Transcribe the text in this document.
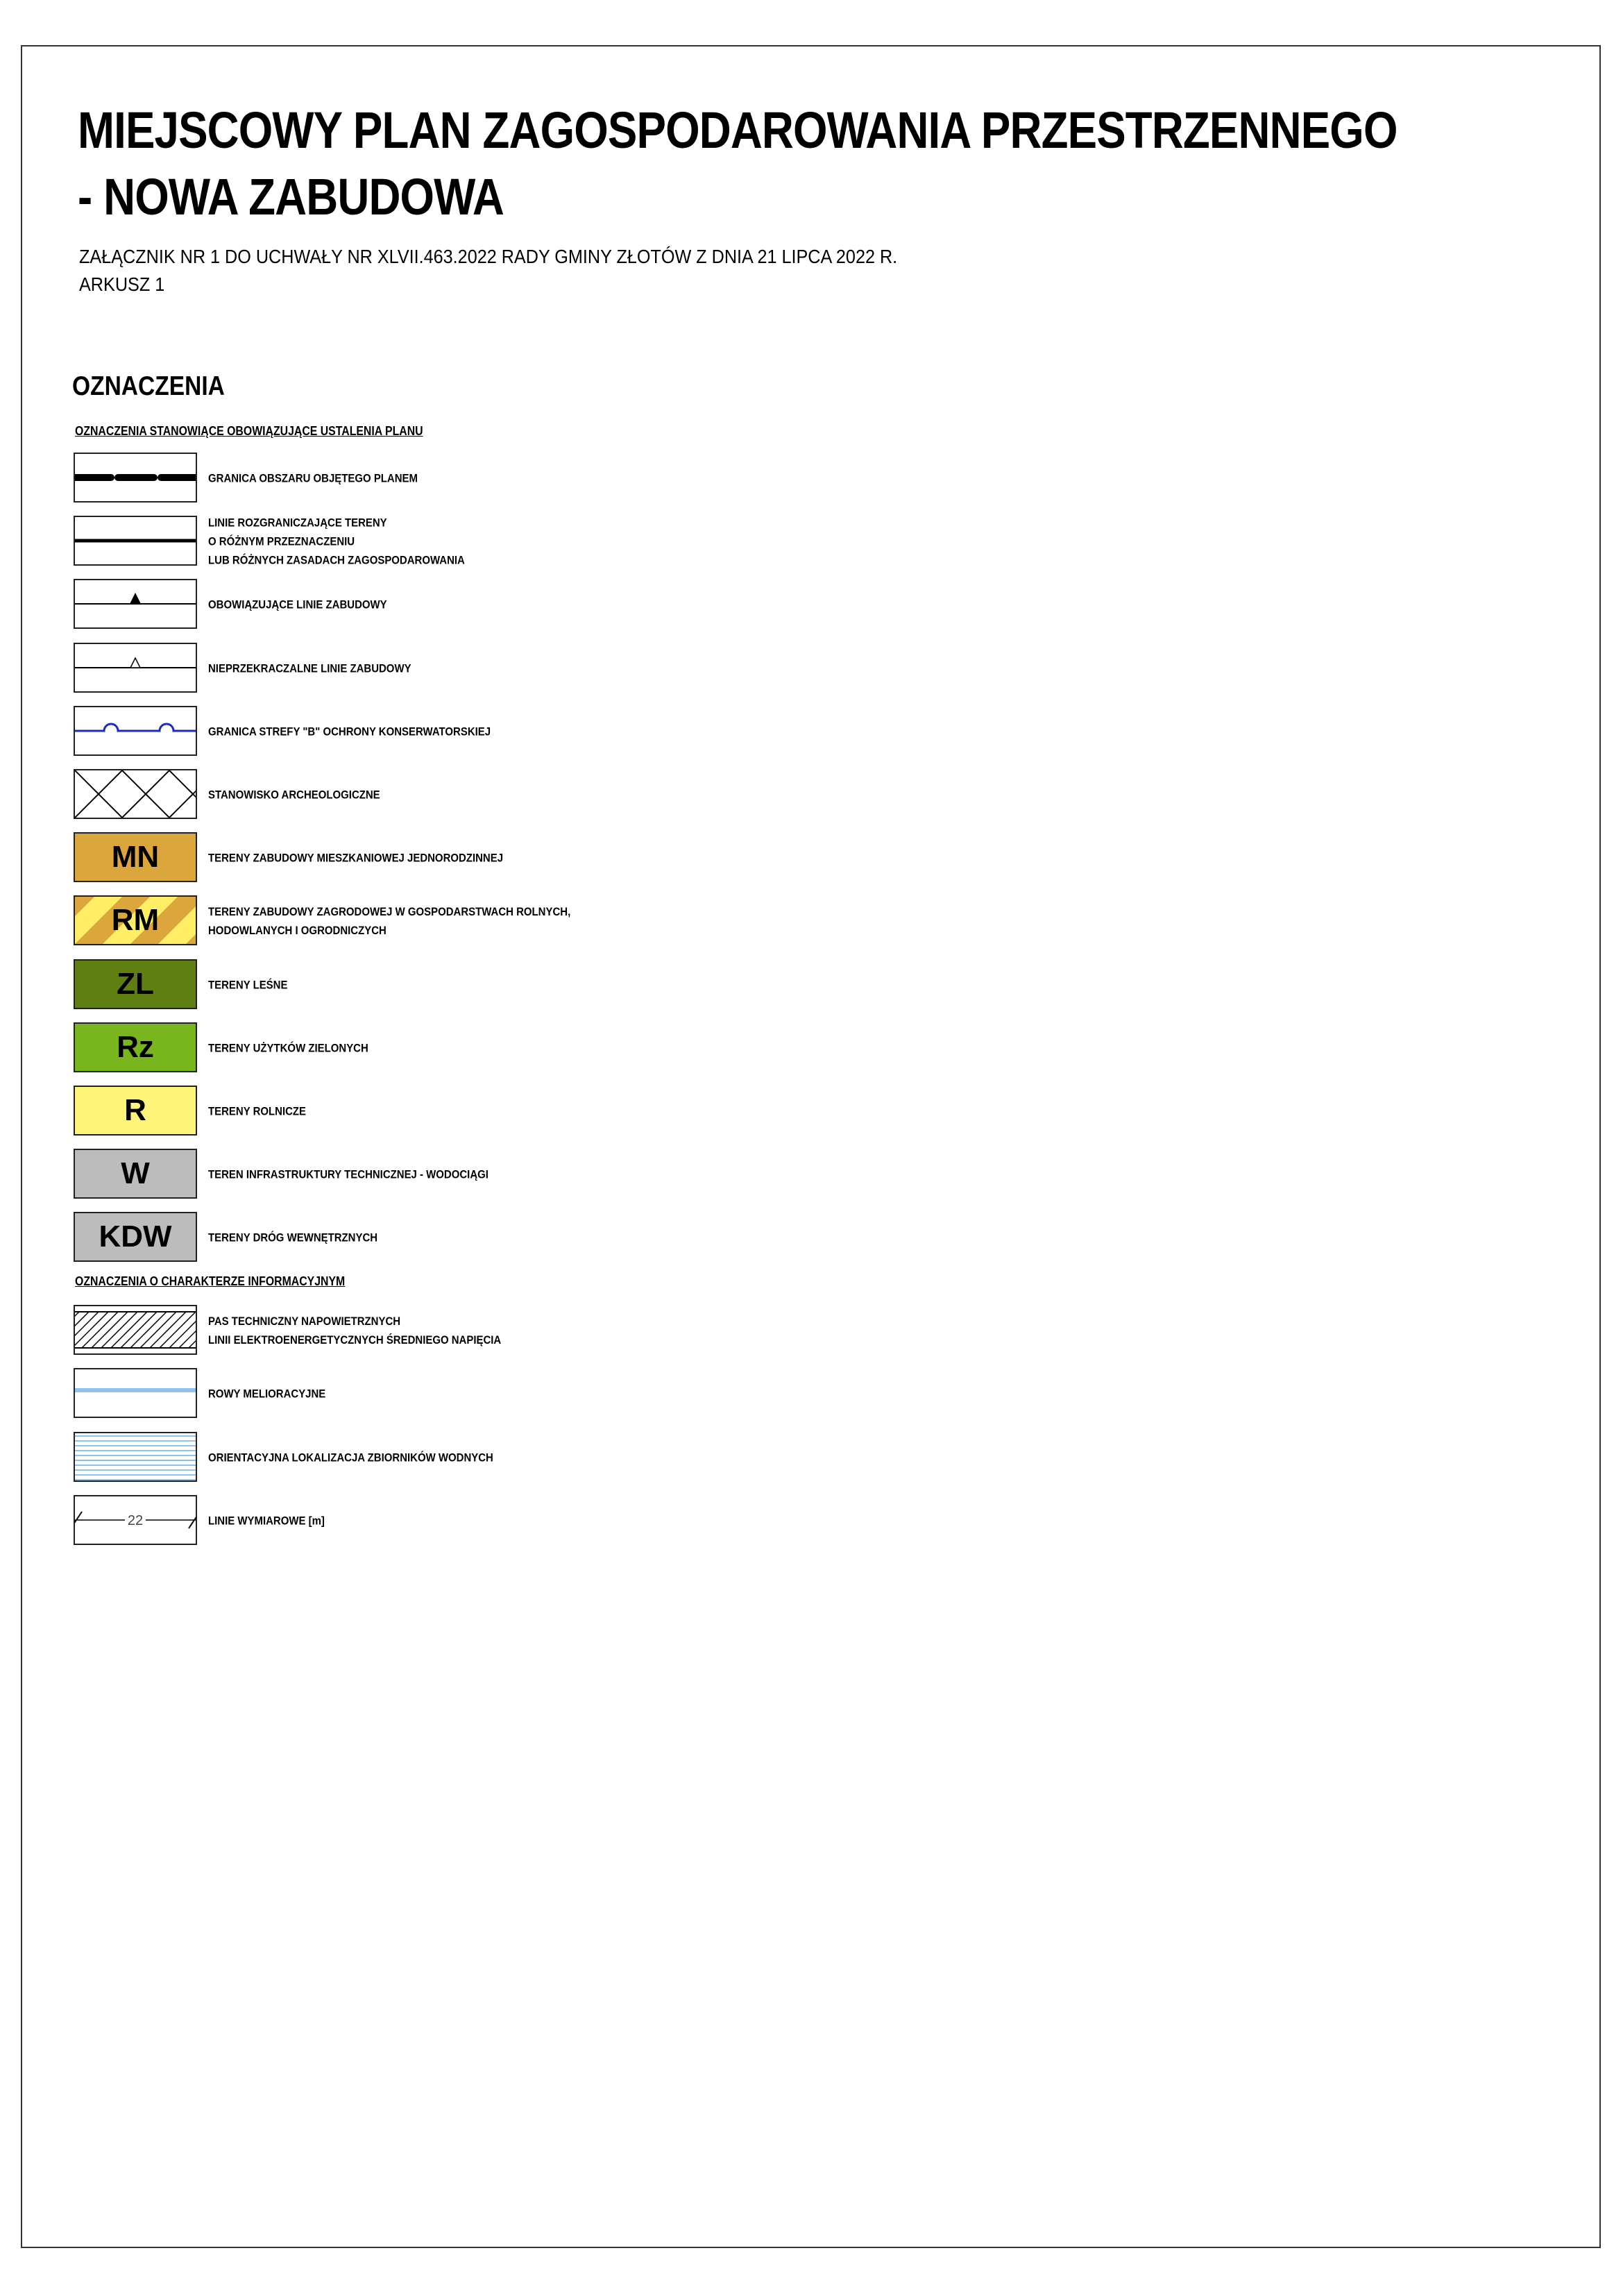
MIEJSCOWY PLAN ZAGOSPODAROWANIA PRZESTRZENNEGO
- NOWA ZABUDOWA
ZAŁĄCZNIK NR 1 DO UCHWAŁY NR XLVII.463.2022 RADY GMINY ZŁOTÓW Z DNIA 21 LIPCA 2022 R.
ARKUSZ 1
OZNACZENIA
OZNACZENIA STANOWIĄCE OBOWIĄZUJĄCE USTALENIA PLANU
GRANICA OBSZARU OBJĘTEGO PLANEM
LINIE ROZGRANICZAJĄCE TERENY
O RÓŻNYM PRZEZNACZENIU
LUB RÓŻNYCH ZASADACH ZAGOSPODAROWANIA
OBOWIĄZUJĄCE LINIE ZABUDOWY
NIEPRZEKRACZALNE LINIE ZABUDOWY
GRANICA STREFY "B" OCHRONY KONSERWATORSKIEJ
STANOWISKO ARCHEOLOGICZNE
MN	TERENY ZABUDOWY MIESZKANIOWEJ JEDNORODZINNEJ
RM	TERENY ZABUDOWY ZAGRODOWEJ W GOSPODARSTWACH ROLNYCH,
HODOWLANYCH I OGRODNICZYCH
ZL	TERENY LEŚNE
Rz	TERENY UŻYTKÓW ZIELONYCH
R	TERENY ROLNICZE
W	TEREN INFRASTRUKTURY TECHNICZNEJ - WODOCIĄGI
KDW	TERENY DRÓG WEWNĘTRZNYCH
OZNACZENIA O CHARAKTERZE INFORMACYJNYM
PAS TECHNICZNY NAPOWIETRZNYCH
LINII ELEKTROENERGETYCZNYCH ŚREDNIEGO NAPIĘCIA
ROWY MELIORACYJNE
ORIENTACYJNA LOKALIZACJA ZBIORNIKÓW WODNYCH
22	LINIE WYMIAROWE [m]
